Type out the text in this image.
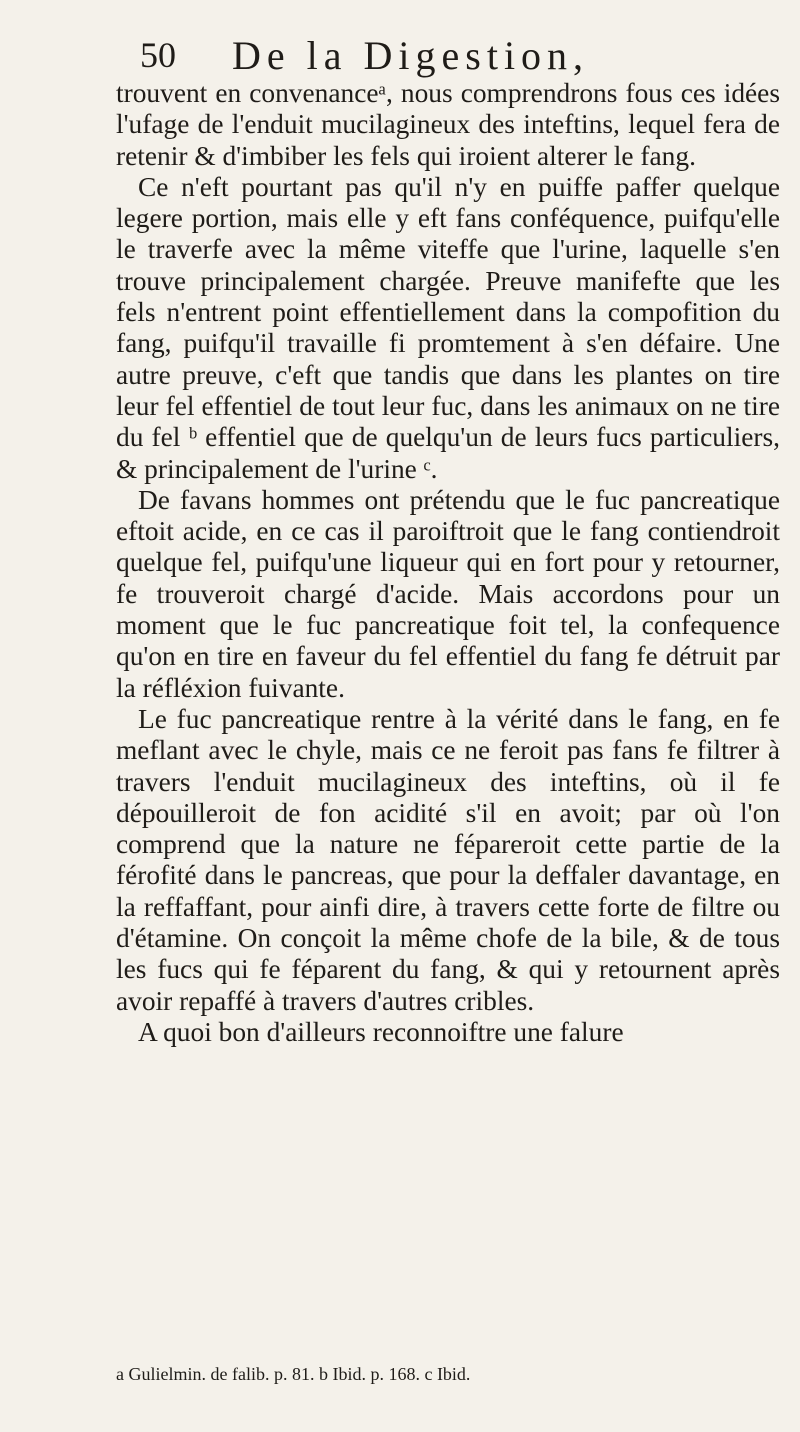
50 De la Digestion,

trouvent en convenanceᵃ, nous comprendrons fous ces idées l'ufage de l'enduit mucilagineux des inteftins, lequel fera de retenir & d'imbiber les fels qui iroient alterer le fang.

Ce n'eft pourtant pas qu'il n'y en puiffe paffer quelque legere portion, mais elle y eft fans conféquence, puifqu'elle le traverfe avec la même viteffe que l'urine, laquelle s'en trouve principalement chargée. Preuve manifefte que les fels n'entrent point effentiellement dans la compofition du fang, puifqu'il travaille fi promtement à s'en défaire. Une autre preuve, c'eft que tandis que dans les plantes on tire leur fel effentiel de tout leur fuc, dans les animaux on ne tire du fel ᵇ effentiel que de quelqu'un de leurs fucs particuliers, & principalement de l'urine ᶜ.

De favans hommes ont prétendu que le fuc pancreatique eftoit acide, en ce cas il paroiftroit que le fang contiendroit quelque fel, puifqu'une liqueur qui en fort pour y retourner, fe trouveroit chargé d'acide. Mais accordons pour un moment que le fuc pancreatique foit tel, la confequence qu'on en tire en faveur du fel effentiel du fang fe détruit par la réfléxion fuivante.

Le fuc pancreatique rentre à la vérité dans le fang, en fe meflant avec le chyle, mais ce ne feroit pas fans fe filtrer à travers l'enduit mucilagineux des inteftins, où il fe dépouilleroit de fon acidité s'il en avoit; par où l'on comprend que la nature ne fépareroit cette partie de la férofité dans le pancreas, que pour la deffaler davantage, en la reffaffant, pour ainfi dire, à travers cette forte de filtre ou d'étamine. On conçoit la même chofe de la bile, & de tous les fucs qui fe féparent du fang, & qui y retournent après avoir repaffé à travers d'autres cribles.

A quoi bon d'ailleurs reconnoiftre une falure

a Gulielmin. de falib. p. 81. b Ibid. p. 168. c Ibid.
